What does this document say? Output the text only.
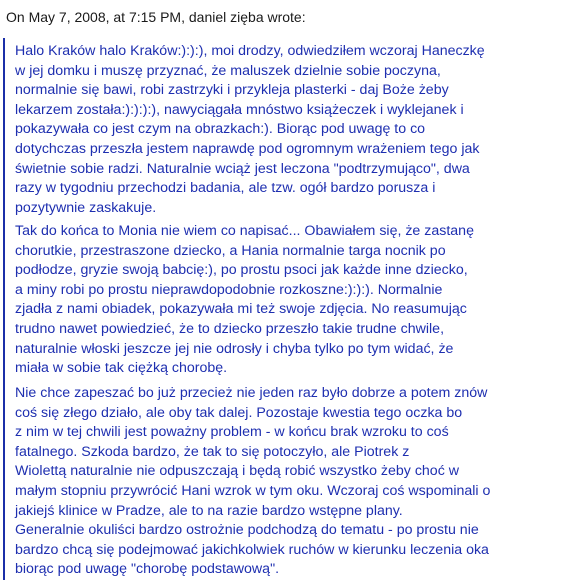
On May 7, 2008, at 7:15 PM, daniel zięba wrote:
Halo Kraków halo Kraków:):):), moi drodzy, odwiedziłem wczoraj Haneczkę
w jej domku i muszę przyznać, że maluszek dzielnie sobie poczyna,
normalnie się bawi, robi zastrzyki i przykleja plasterki - daj Boże żeby
lekarzem została:):):):), nawyciągała mnóstwo książeczek i wyklejanek i
pokazywała co jest czym na obrazkach:). Biorąc pod uwagę to co
dotychczas przeszła jestem naprawdę pod ogromnym wrażeniem tego jak
świetnie sobie radzi. Naturalnie wciąż jest leczona "podtrzymująco", dwa
razy w tygodniu przechodzi badania, ale tzw. ogół bardzo porusza i
pozytywnie zaskakuje.
Tak do końca to Monia nie wiem co napisać... Obawiałem się, że zastanę
chorutkie, przestraszone dziecko, a Hania normalnie targa nocnik po
podłodze, gryzie swoją babcię:), po prostu psoci jak każde inne dziecko,
a miny robi po prostu nieprawdopodobnie rozkoszne:):):). Normalnie
zjadła z nami obiadek, pokazywała mi też swoje zdjęcia. No reasumując
trudno nawet powiedzieć, że to dziecko przeszło takie trudne chwile,
naturalnie włoski jeszcze jej nie odrosły i chyba tylko po tym widać, że
miała w sobie tak ciężką chorobę.
Nie chce zapeszać bo już przecież nie jeden raz było dobrze a potem znów
coś się złego działo, ale oby tak dalej. Pozostaje kwestia tego oczka bo
z nim w tej chwili jest poważny problem - w końcu brak wzroku to coś
fatalnego. Szkoda bardzo, że tak to się potoczyło, ale Piotrek z
Wiolettą naturalnie nie odpuszczają i będą robić wszystko żeby choć w
małym stopniu przywrócić Hani wzrok w tym oku. Wczoraj coś wspominali o
jakiejś klinice w Pradze, ale to na razie bardzo wstępne plany.
Generalnie okuliści bardzo ostrożnie podchodzą do tematu - po prostu nie
bardzo chcą się podejmować jakichkolwiek ruchów w kierunku leczenia oka
biorąc pod uwagę "chorobę podstawową".
